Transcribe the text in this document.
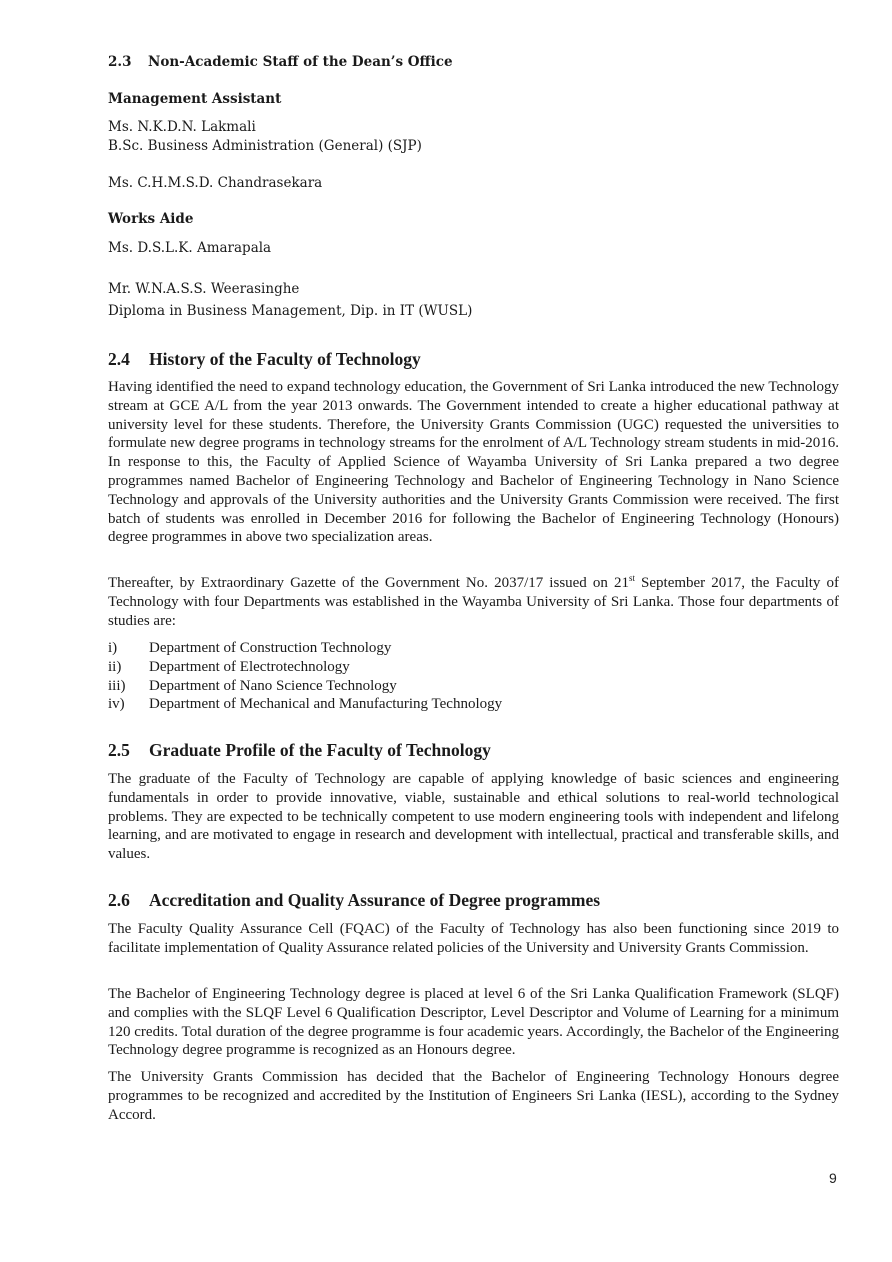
2.3 Non-Academic Staff of the Dean’s Office
Management Assistant
Ms. N.K.D.N. Lakmali
B.Sc. Business Administration (General) (SJP)
Ms. C.H.M.S.D. Chandrasekara
Works Aide
Ms. D.S.L.K. Amarapala
Mr. W.N.A.S.S. Weerasinghe
Diploma in Business Management, Dip. in IT (WUSL)
2.4 History of the Faculty of Technology
Having identified the need to expand technology education, the Government of Sri Lanka introduced the new Technology stream at GCE A/L from the year 2013 onwards. The Government intended to create a higher educational pathway at university level for these students. Therefore, the University Grants Commission (UGC) requested the universities to formulate new degree programs in technology streams for the enrolment of A/L Technology stream students in mid-2016. In response to this, the Faculty of Applied Science of Wayamba University of Sri Lanka prepared a two degree programmes named Bachelor of Engineering Technology and Bachelor of Engineering Technology in Nano Science Technology and approvals of the University authorities and the University Grants Commission were received. The first batch of students was enrolled in December 2016 for following the Bachelor of Engineering Technology (Honours) degree programmes in above two specialization areas.
Thereafter, by Extraordinary Gazette of the Government No. 2037/17 issued on 21st September 2017, the Faculty of Technology with four Departments was established in the Wayamba University of Sri Lanka. Those four departments of studies are:
i)	Department of Construction Technology
ii)	Department of Electrotechnology
iii)	Department of Nano Science Technology
iv)	Department of Mechanical and Manufacturing Technology
2.5 Graduate Profile of the Faculty of Technology
The graduate of the Faculty of Technology are capable of applying knowledge of basic sciences and engineering fundamentals in order to provide innovative, viable, sustainable and ethical solutions to real-world technological problems. They are expected to be technically competent to use modern engineering tools with independent and lifelong learning, and are motivated to engage in research and development with intellectual, practical and transferable skills, and values.
2.6 Accreditation and Quality Assurance of Degree programmes
The Faculty Quality Assurance Cell (FQAC) of the Faculty of Technology has also been functioning since 2019 to facilitate implementation of Quality Assurance related policies of the University and University Grants Commission.
The Bachelor of Engineering Technology degree is placed at level 6 of the Sri Lanka Qualification Framework (SLQF) and complies with the SLQF Level 6 Qualification Descriptor, Level Descriptor and Volume of Learning for a minimum 120 credits. Total duration of the degree programme is four academic years. Accordingly, the Bachelor of the Engineering Technology degree programme is recognized as an Honours degree.
The University Grants Commission has decided that the Bachelor of Engineering Technology Honours degree programmes to be recognized and accredited by the Institution of Engineers Sri Lanka (IESL), according to the Sydney Accord.
9
